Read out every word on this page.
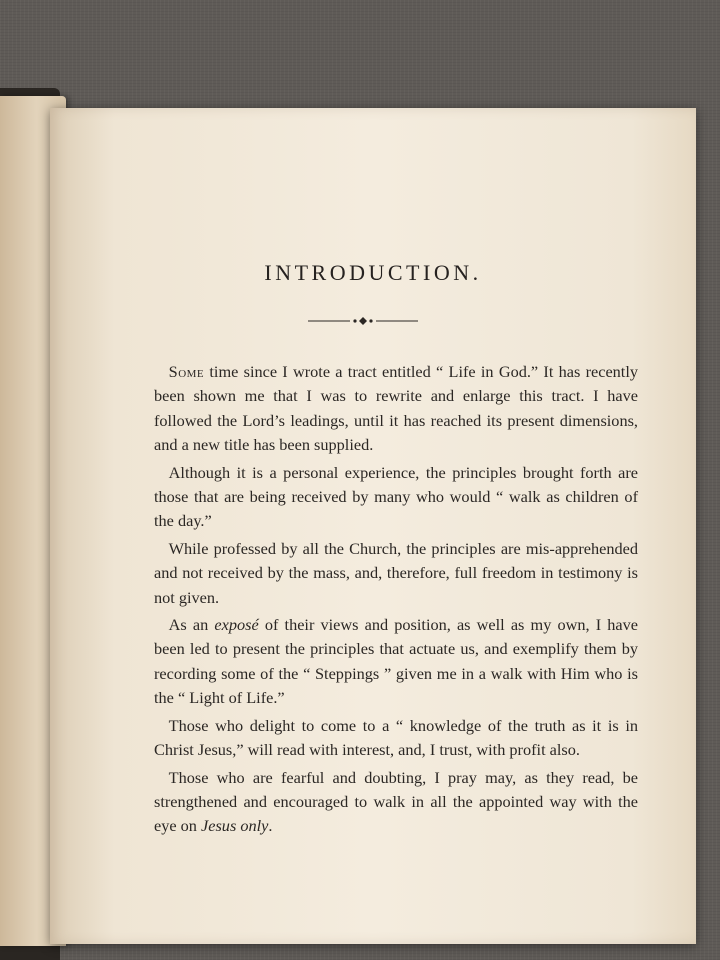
INTRODUCTION.

Some time since I wrote a tract entitled “ Life in God.” It has recently been shown me that I was to rewrite and enlarge this tract. I have followed the Lord’s leadings, until it has reached its present dimensions, and a new title has been supplied.

Although it is a personal experience, the principles brought forth are those that are being received by many who would “ walk as children of the day.”

While professed by all the Church, the principles are mis-apprehended and not received by the mass, and, therefore, full freedom in testimony is not given.

As an exposé of their views and position, as well as my own, I have been led to present the principles that actuate us, and exemplify them by recording some of the “ Steppings ” given me in a walk with Him who is the “ Light of Life.”

Those who delight to come to a “ knowledge of the truth as it is in Christ Jesus,” will read with interest, and, I trust, with profit also.

Those who are fearful and doubting, I pray may, as they read, be strengthened and encouraged to walk in all the appointed way with the eye on Jesus only.
